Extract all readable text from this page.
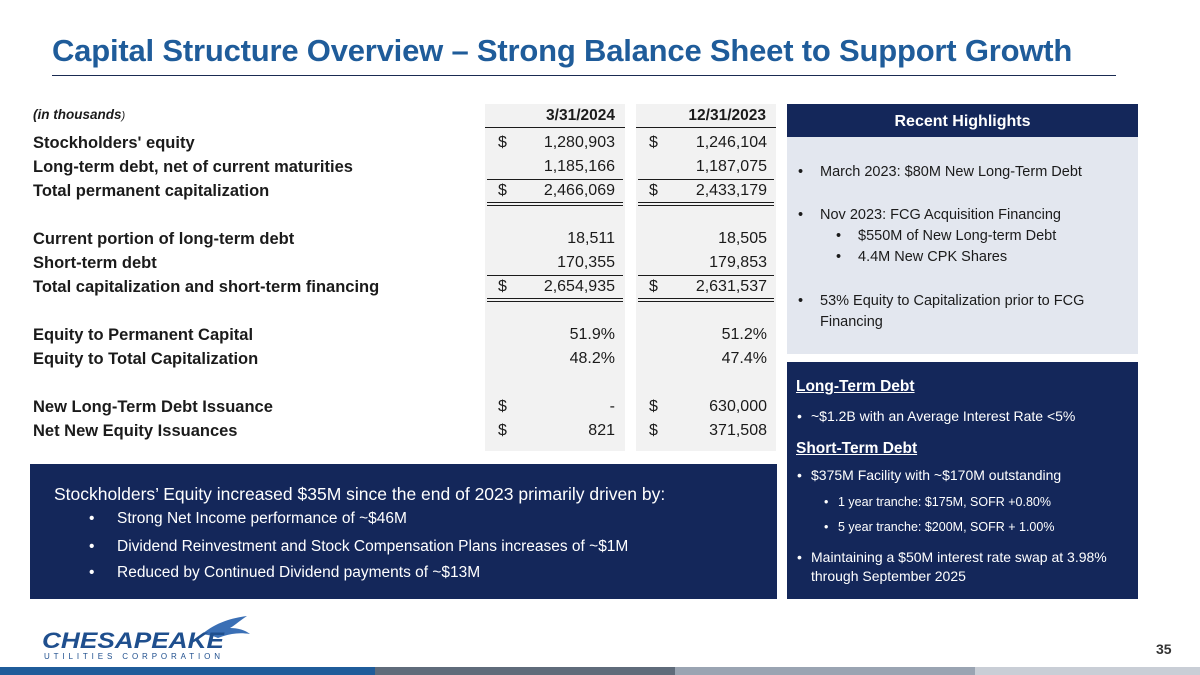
Capital Structure Overview – Strong Balance Sheet to Support Growth
(in thousands)	3/31/2024	12/31/2023
Stockholders' equity	$	1,280,903 $	1,246,104
Long-term debt, net of current maturities	1,185,166	1,187,075
Total permanent capitalization	$	2,466,069 $	2,433,179
Current portion of long-term debt	18,511	18,505
Short-term debt	170,355	179,853
Total capitalization and short-term financing	$	2,654,935 $	2,631,537
Equity to Permanent Capital	51.9%	51.2%
Equity to Total Capitalization	48.2%	47.4%
New Long-Term Debt Issuance	$	- $	630,000
Net New Equity Issuances	$	821 $	371,508
Recent Highlights
• March 2023: $80M New Long-Term Debt
• Nov 2023: FCG Acquisition Financing
• $550M of New Long-term Debt
• 4.4M New CPK Shares
• 53% Equity to Capitalization prior to FCG Financing
Long-Term Debt
• ~$1.2B with an Average Interest Rate <5%
Short-Term Debt
• $375M Facility with ~$170M outstanding
• 1 year tranche: $175M, SOFR +0.80%
• 5 year tranche: $200M, SOFR + 1.00%
• Maintaining a $50M interest rate swap at 3.98% through September 2025
Stockholders’ Equity increased $35M since the end of 2023 primarily driven by:
• Strong Net Income performance of ~$46M
• Dividend Reinvestment and Stock Compensation Plans increases of ~$1M
• Reduced by Continued Dividend payments of ~$13M
CHESAPEAKE
UTILITIES CORPORATION	35
